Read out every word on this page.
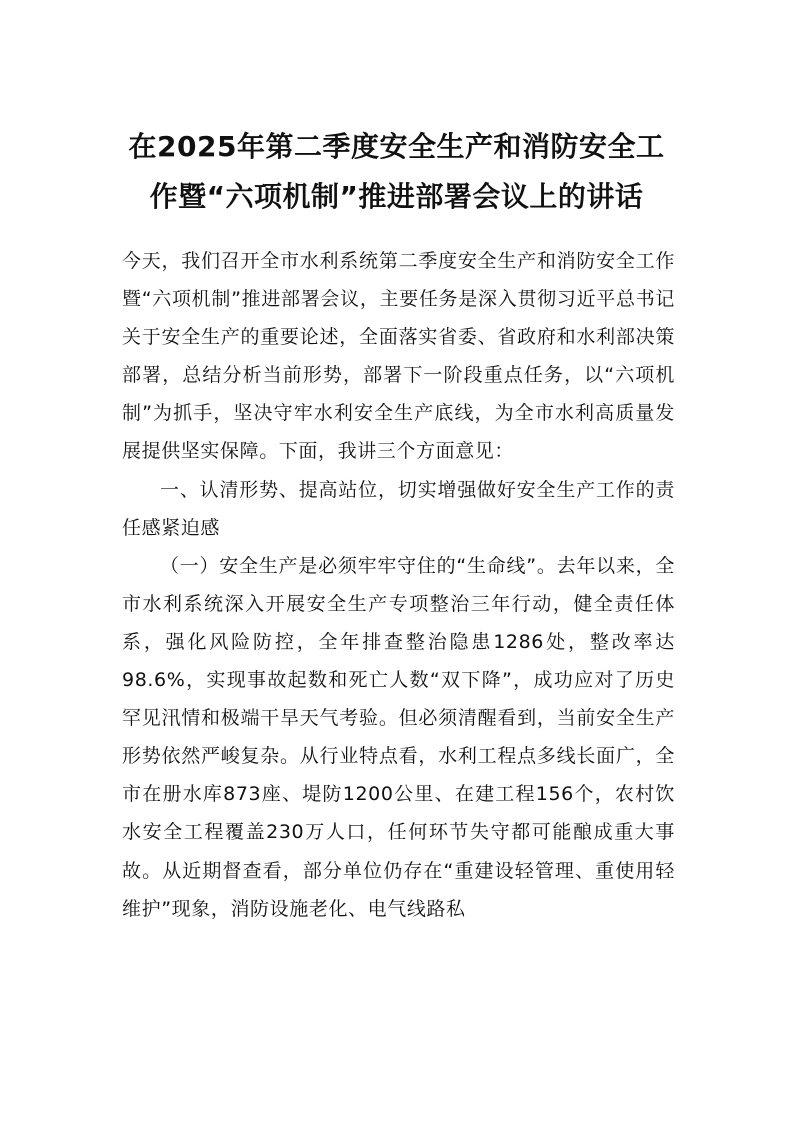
在2025年第二季度安全生产和消防安全工
作暨“六项机制”推进部署会议上的讲话

今天，我们召开全市水利系统第二季度安全生产和消防安全工作暨“六项机制”推进部署会议，主要任务是深入贯彻习近平总书记关于安全生产的重要论述，全面落实省委、省政府和水利部决策部署，总结分析当前形势，部署下一阶段重点任务，以“六项机制”为抓手，坚决守牢水利安全生产底线，为全市水利高质量发展提供坚实保障。下面，我讲三个方面意见：

一、认清形势、提高站位，切实增强做好安全生产工作的责任感紧迫感

（一）安全生产是必须牢牢守住的“生命线”。去年以来，全市水利系统深入开展安全生产专项整治三年行动，健全责任体系，强化风险防控，全年排查整治隐患1286处，整改率达98.6%，实现事故起数和死亡人数“双下降”，成功应对了历史罕见汛情和极端干旱天气考验。但必须清醒看到，当前安全生产形势依然严峻复杂。从行业特点看，水利工程点多线长面广，全市在册水库873座、堤防1200公里、在建工程156个，农村饮水安全工程覆盖230万人口，任何环节失守都可能酿成重大事故。从近期督查看，部分单位仍存在“重建设轻管理、重使用轻维护”现象，消防设施老化、电气线路私
